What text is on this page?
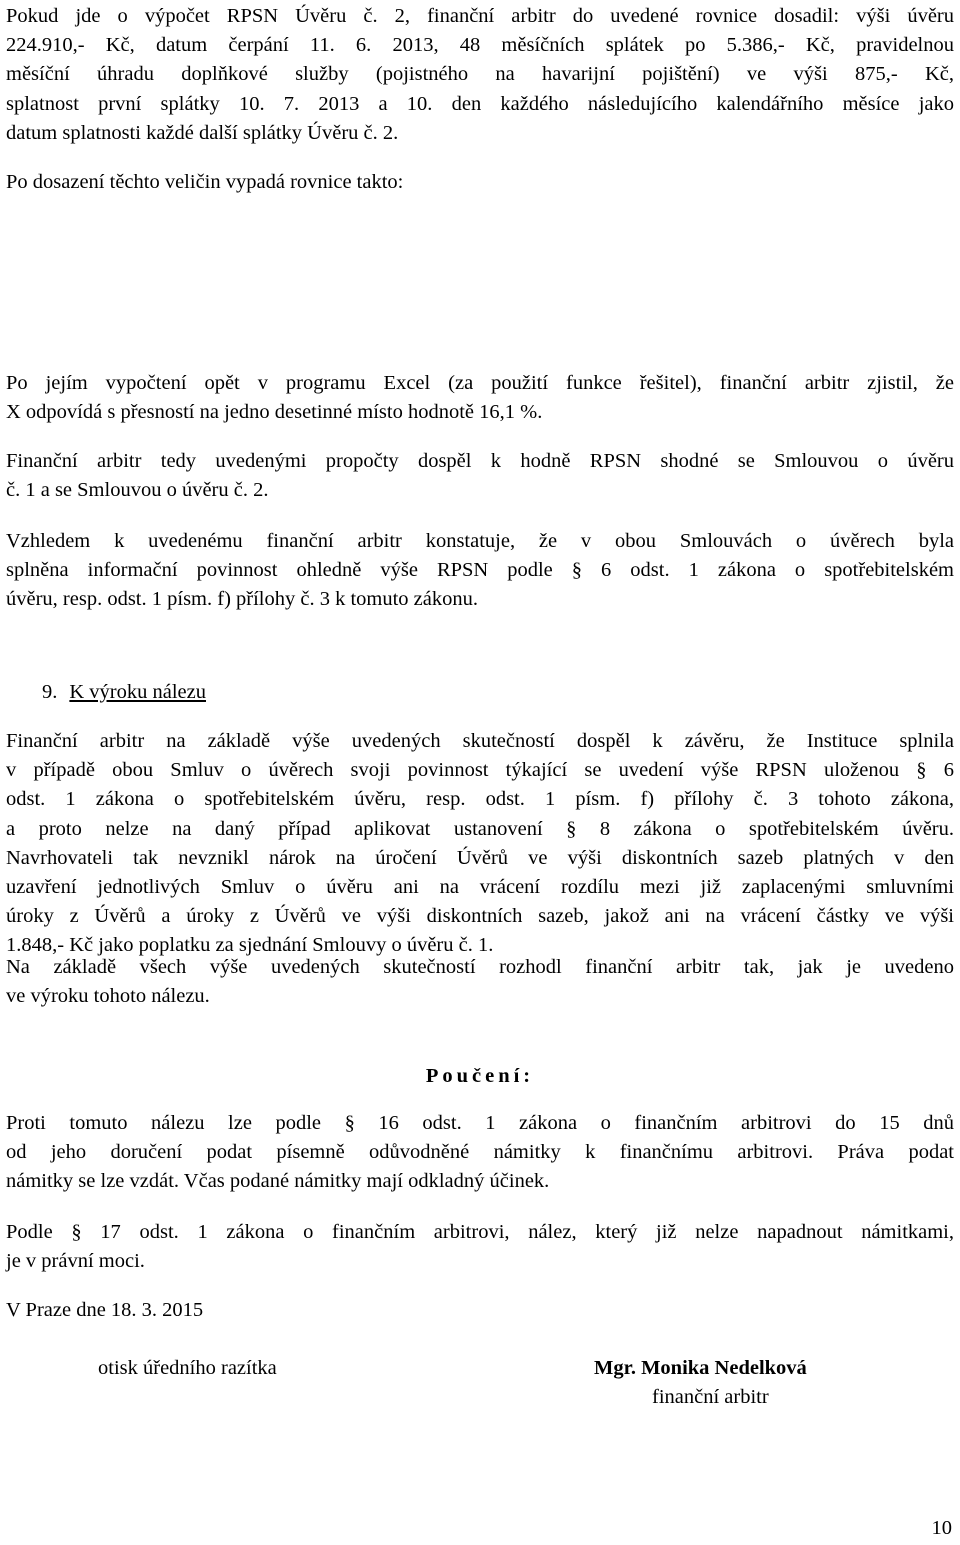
Pokud jde o výpočet RPSN Úvěru č. 2, finanční arbitr do uvedené rovnice dosadil: výši úvěru
224.910,- Kč, datum čerpání 11. 6. 2013, 48 měsíčních splátek po 5.386,- Kč, pravidelnou
měsíční úhradu doplňkové služby (pojistného na havarijní pojištění) ve výši 875,- Kč,
splatnost první splátky 10. 7. 2013 a 10. den každého následujícího kalendářního měsíce jako
datum splatnosti každé další splátky Úvěru č. 2.

Po dosazení těchto veličin vypadá rovnice takto:

Po jejím vypočtení opět v programu Excel (za použití funkce řešitel), finanční arbitr zjistil, že
X odpovídá s přesností na jedno desetinné místo hodnotě 16,1 %.

Finanční arbitr tedy uvedenými propočty dospěl k hodně RPSN shodné se Smlouvou o úvěru
č. 1 a se Smlouvou o úvěru č. 2.

Vzhledem k uvedenému finanční arbitr konstatuje, že v obou Smlouvách o úvěrech byla
splněna informační povinnost ohledně výše RPSN podle § 6 odst. 1 zákona o spotřebitelském
úvěru, resp. odst. 1 písm. f) přílohy č. 3 k tomuto zákonu.

9. K výroku nálezu

Finanční arbitr na základě výše uvedených skutečností dospěl k závěru, že Instituce splnila
v případě obou Smluv o úvěrech svoji povinnost týkající se uvedení výše RPSN uloženou § 6
odst. 1 zákona o spotřebitelském úvěru, resp. odst. 1 písm. f) přílohy č. 3 tohoto zákona,
a proto nelze na daný případ aplikovat ustanovení § 8 zákona o spotřebitelském úvěru.
Navrhovateli tak nevznikl nárok na úročení Úvěrů ve výši diskontních sazeb platných v den
uzavření jednotlivých Smluv o úvěru ani na vrácení rozdílu mezi již zaplacenými smluvními
úroky z Úvěrů a úroky z Úvěrů ve výši diskontních sazeb, jakož ani na vrácení částky ve výši
1.848,- Kč jako poplatku za sjednání Smlouvy o úvěru č. 1.

Na základě všech výše uvedených skutečností rozhodl finanční arbitr tak, jak je uvedeno
ve výroku tohoto nálezu.

Poučení:

Proti tomuto nálezu lze podle § 16 odst. 1 zákona o finančním arbitrovi do 15 dnů
od jeho doručení podat písemně odůvodněné námitky k finančnímu arbitrovi. Práva podat
námitky se lze vzdát. Včas podané námitky mají odkladný účinek.

Podle § 17 odst. 1 zákona o finančním arbitrovi, nález, který již nelze napadnout námitkami,
je v právní moci.

V Praze dne 18. 3. 2015

otisk úředního razítka	Mgr. Monika Nedelková
finanční arbitr
10
